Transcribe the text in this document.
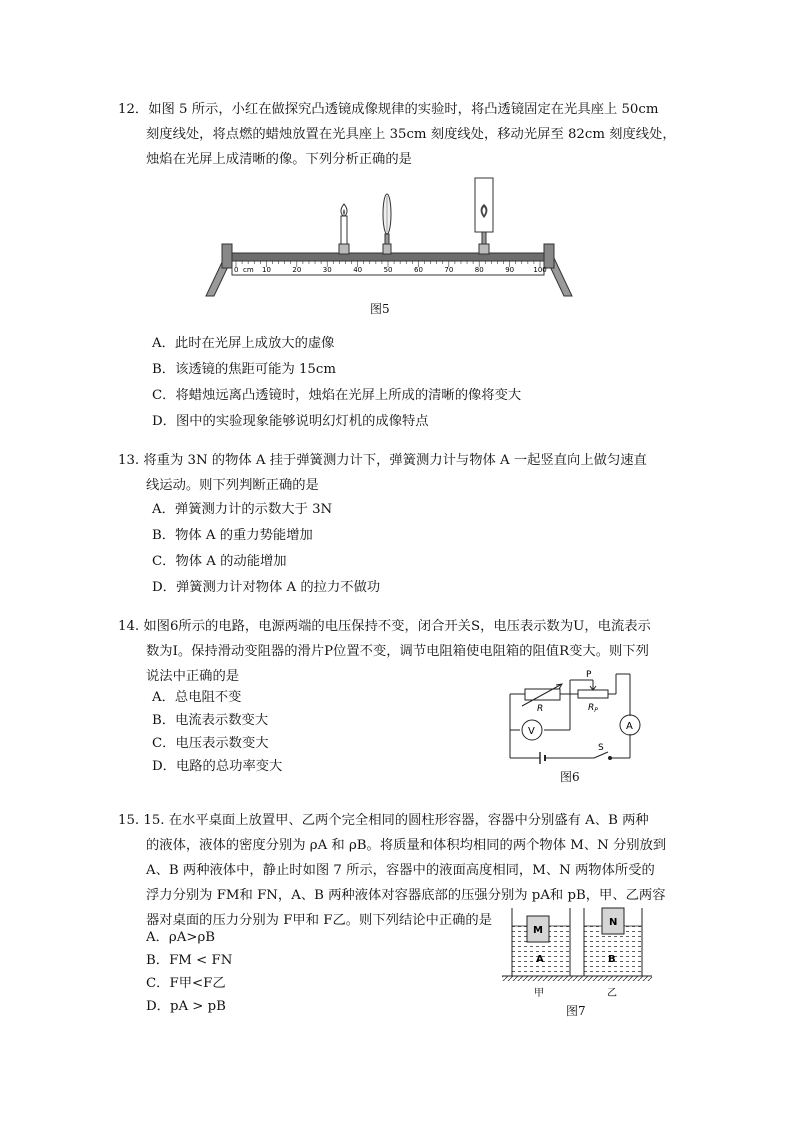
12．如图 5 所示，小红在做探究凸透镜成像规律的实验时，将凸透镜固定在光具座上 50cm
刻度线处，将点燃的蜡烛放置在光具座上 35cm 刻度线处，移动光屏至 82cm 刻度线处，
烛焰在光屏上成清晰的像。下列分析正确的是
0	10	20	30	40	50	60	70	80	90	100
cm
图5
A．此时在光屏上成放大的虚像
B．该透镜的焦距可能为 15cm
C．将蜡烛远离凸透镜时，烛焰在光屏上所成的清晰的像将变大
D．图中的实验现象能够说明幻灯机的成像特点
13. 将重为 3N 的物体 A 挂于弹簧测力计下，弹簧测力计与物体 A 一起竖直向上做匀速直
线运动。则下列判断正确的是
A．弹簧测力计的示数大于 3N
B．物体 A 的重力势能增加
C．物体 A 的动能增加
D．弹簧测力计对物体 A 的拉力不做功
14. 如图6所示的电路，电源两端的电压保持不变，闭合开关S，电压表示数为U，电流表示
数为I。保持滑动变阻器的滑片P位置不变，调节电阻箱使电阻箱的阻值R变大。则下列
说法中正确的是
A．总电阻不变
B．电流表示数变大
C．电压表示数变大
D．电路的总功率变大
V	A
R	$R_P$
P
S
图6
15. 15. 在水平桌面上放置甲、乙两个完全相同的圆柱形容器，容器中分别盛有 A、B 两种
的液体，液体的密度分别为 ρA 和 ρB。将质量和体积均相同的两个物体 M、N 分别放到
A、B 两种液体中，静止时如图 7 所示，容器中的液面高度相同，M、N 两物体所受的
浮力分别为 FM和 FN，A、B 两种液体对容器底部的压强分别为 pA和 pB，甲、乙两容
器对桌面的压力分别为 F甲和 F乙。则下列结论中正确的是
A．ρA>ρB
B．FM < FN
C．F甲<F乙
D．pA > pB
M
N
A	B
甲	乙
图7
